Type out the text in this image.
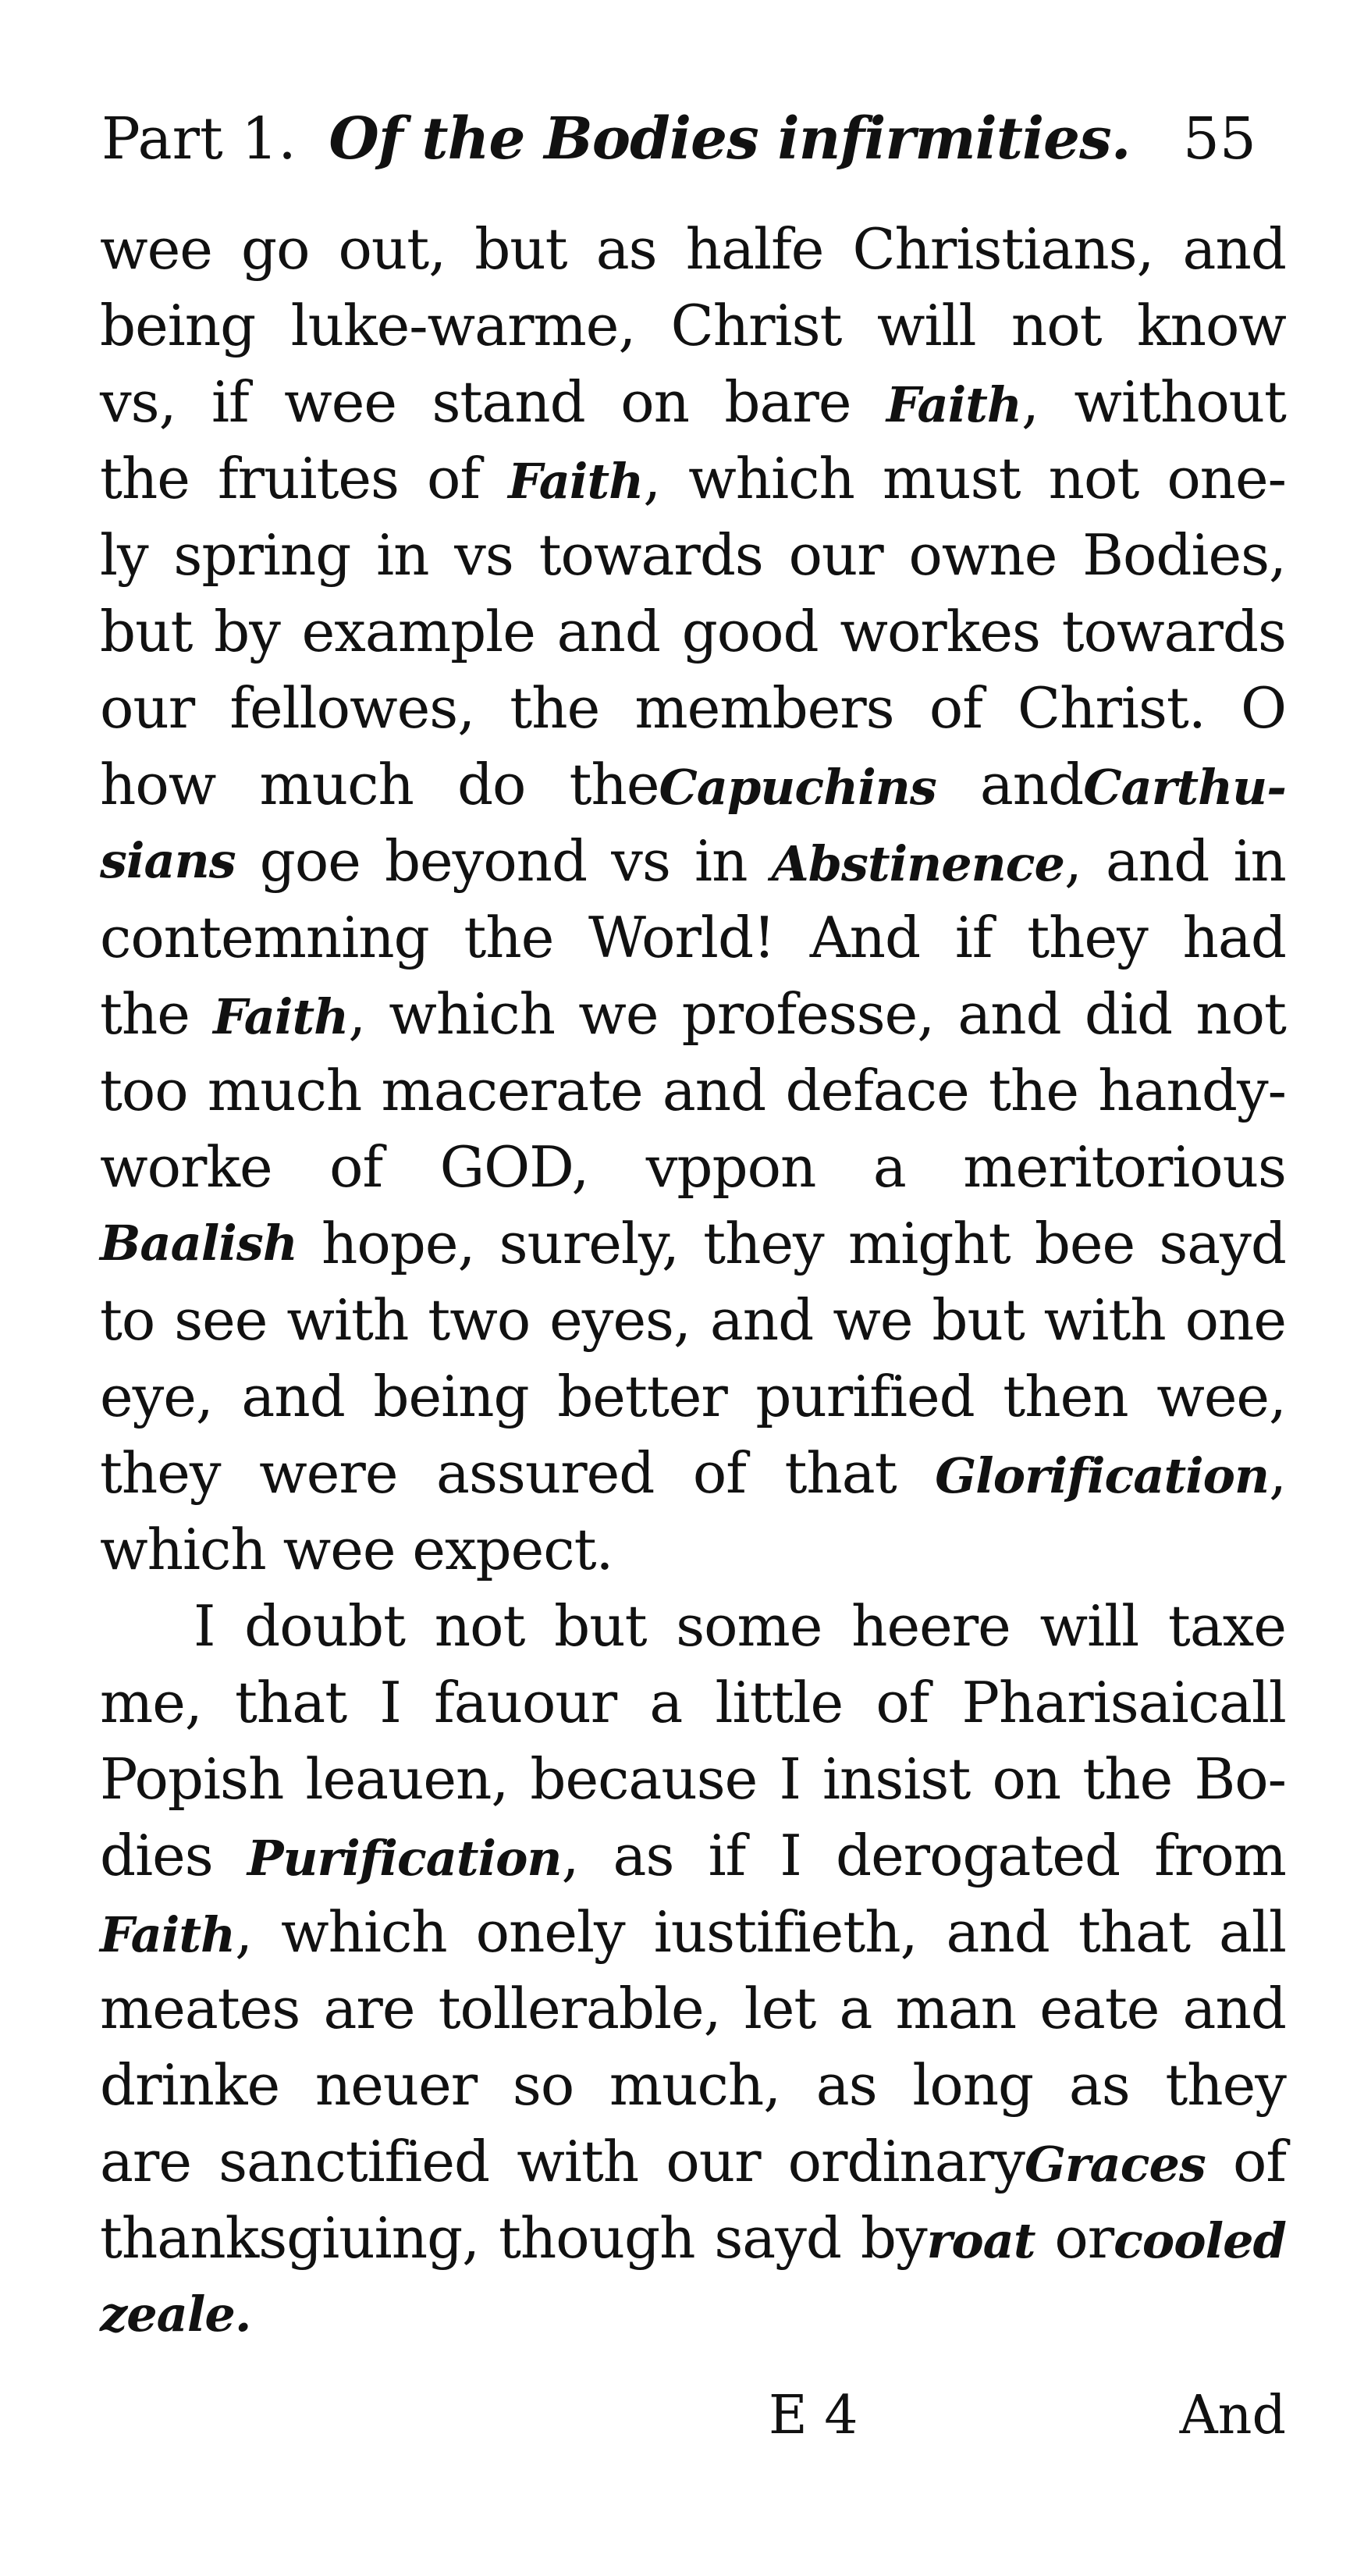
Part 1. Of the Bodies infirmities. 55
wee go out, but as halfe Christians, and
being luke-warme, Christ will not know
vs, if wee stand on bare Faith, without
the fruites of Faith, which must not one-
ly spring in vs towards our owne Bodies,
but by example and good workes towards
our fellowes, the members of Christ. O
how much do theCapuchins andCarthu-
sians goe beyond vs in Abstinence, and in
contemning the World! And if they had
the Faith, which we professe, and did not
too much macerate and deface the handy-
worke of GOD, vppon a meritorious
Baalish hope, surely, they might bee sayd
to see with two eyes, and we but with one
eye, and being better purified then wee,
they were assured of that Glorification,
which wee expect.
I doubt not but some heere will taxe
me, that I fauour a little of Pharisaicall
Popish leauen, because I insist on the Bo-
dies Purification, as if I derogated from
Faith, which onely iustifieth, and that all
meates are tollerable, let a man eate and
drinke neuer so much, as long as they
are sanctified with our ordinaryGraces of
thanksgiuing, though sayd byroat orcooled
zeale.
E 4	And
